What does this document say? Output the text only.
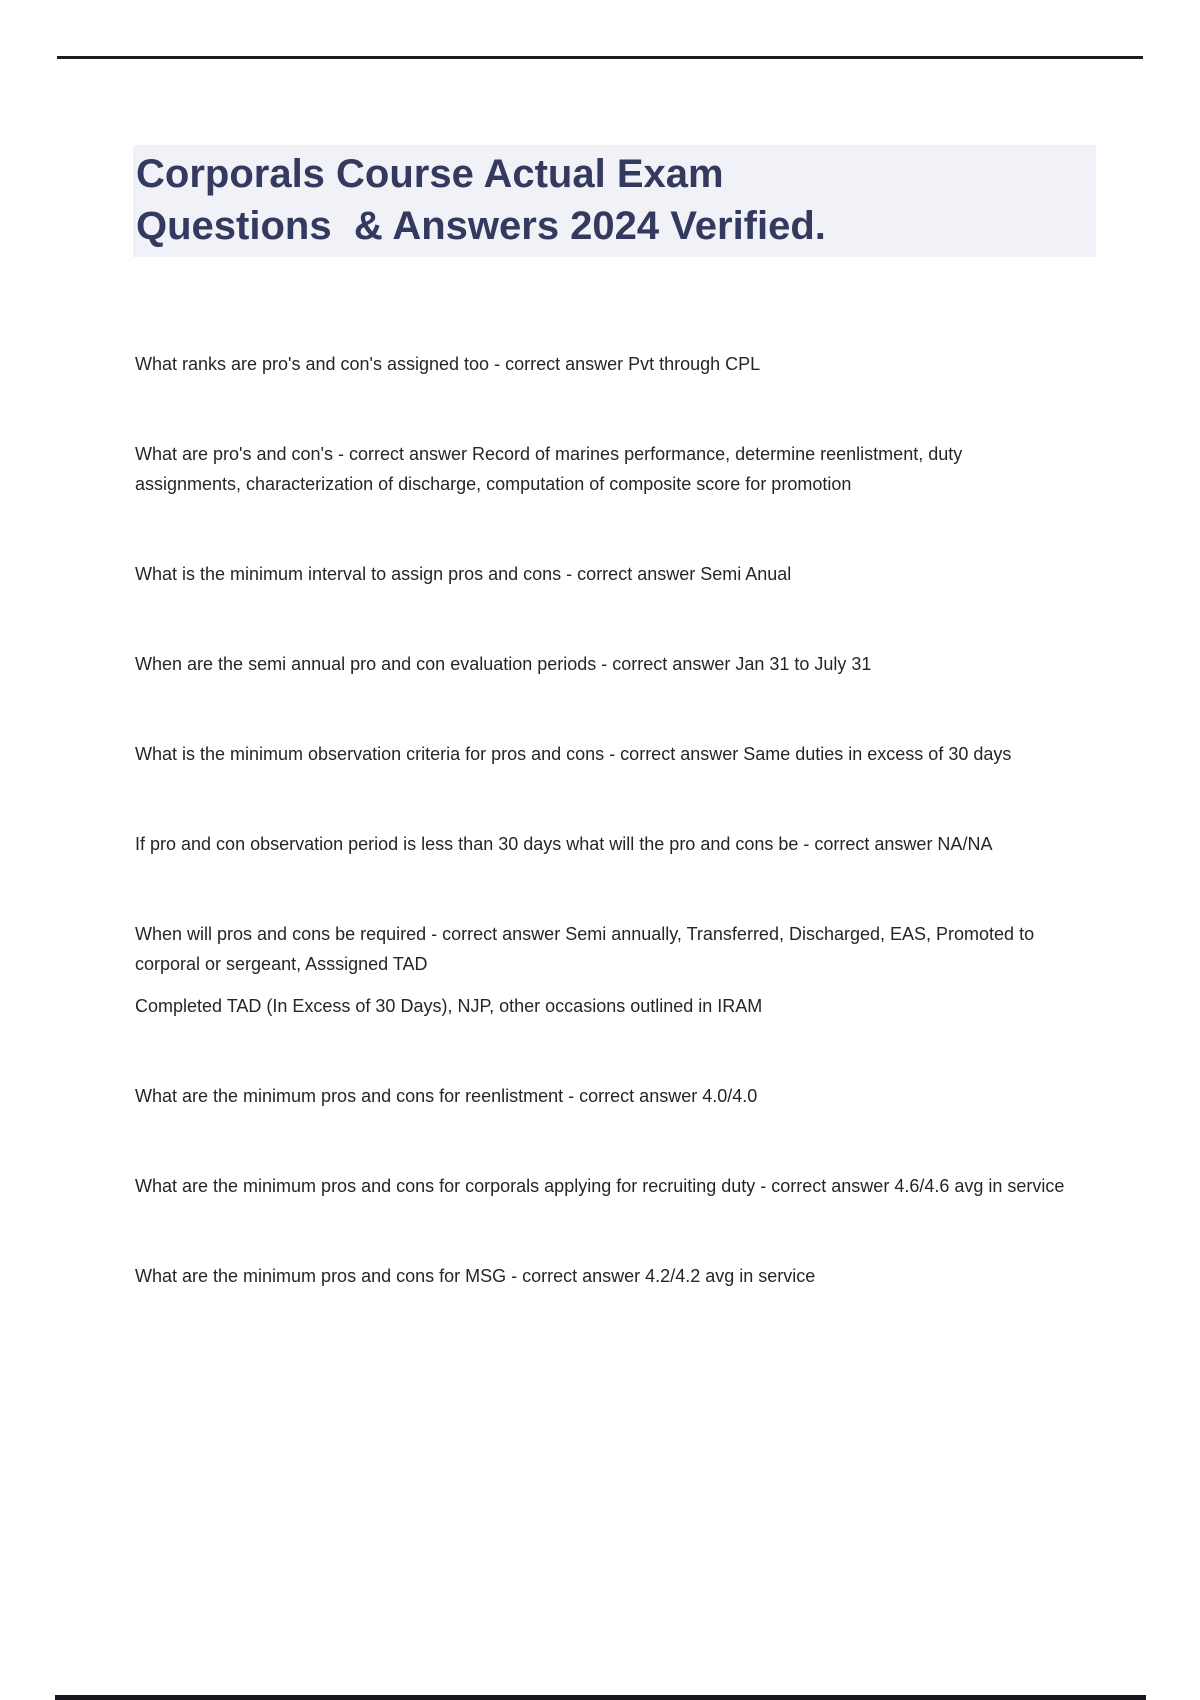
Corporals Course Actual Exam
Questions  & Answers 2024 Verified.

What ranks are pro's and con's assigned too - correct answer Pvt through CPL

What are pro's and con's - correct answer Record of marines performance, determine reenlistment, duty assignments, characterization of discharge, computation of composite score for promotion

What is the minimum interval to assign pros and cons - correct answer Semi Anual

When are the semi annual pro and con evaluation periods - correct answer Jan 31 to July 31

What is the minimum observation criteria for pros and cons - correct answer Same duties in excess of 30 days

If pro and con observation period is less than 30 days what will the pro and cons be - correct answer NA/NA

When will pros and cons be required - correct answer Semi annually, Transferred, Discharged, EAS, Promoted to corporal or sergeant, Asssigned TAD

Completed TAD (In Excess of 30 Days), NJP, other occasions outlined in IRAM

What are the minimum pros and cons for reenlistment - correct answer 4.0/4.0

What are the minimum pros and cons for corporals applying for recruiting duty - correct answer 4.6/4.6 avg in service

What are the minimum pros and cons for MSG - correct answer 4.2/4.2 avg in service
